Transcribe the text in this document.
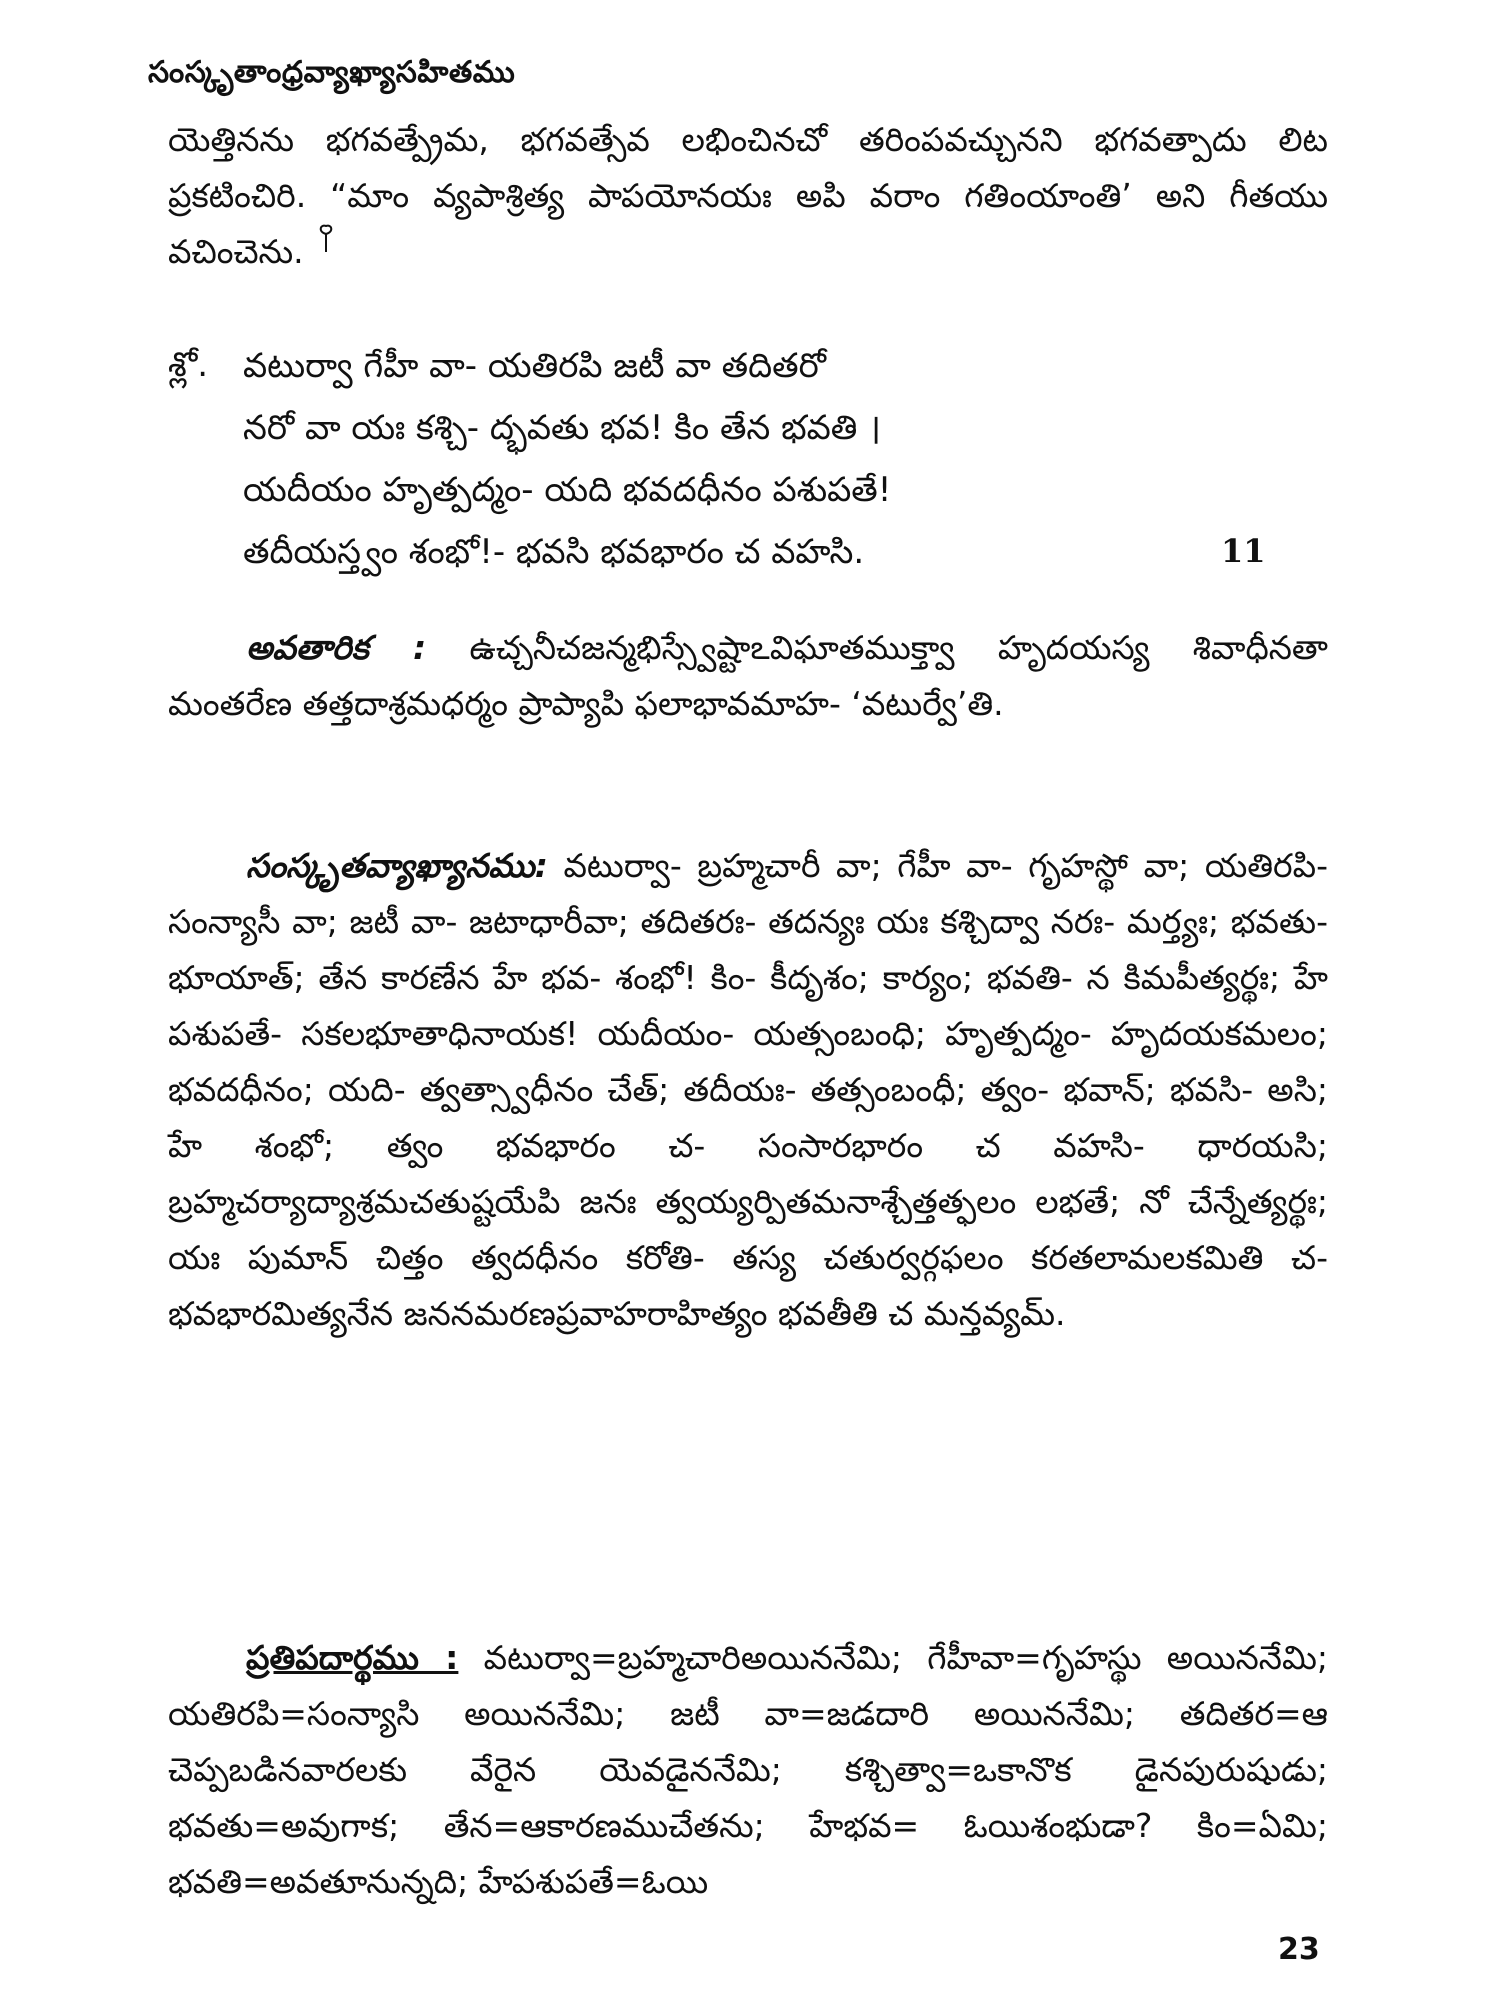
సంస్కృతాంధ్రవ్యాఖ్యాసహితము

యెత్తినను భగవత్ప్రేమ, భగవత్సేవ లభించినచో తరింపవచ్చునని భగవత్పాదు లిట ప్రకటించిరి. “మాం వ్యపాశ్రిత్య పాపయోనయః అపి వరాం గతింయాంతి’ అని గీతయు వచించెను.

శ్లో. వటుర్వా గేహీ వా- యతిరపి జటీ వా తదితరో
నరో వా యః కశ్చి- ద్భవతు భవ! కిం తేన భవతి ।
యదీయం హృత్పద్మం- యది భవదధీనం పశుపతే!
తదీయస్త్వం శంభో!- భవసి భవభారం చ వహసి.	11

అవతారిక : ఉచ్చనీచజన్మభిస్స్వేష్టాఽవిఘాతముక్త్వా హృదయస్య శివాధీనతా మంతరేణ తత్తదాశ్రమధర్మం ప్రాప్యాపి ఫలాభావమాహ- ‘వటుర్వే’తి.

సంస్కృతవ్యాఖ్యానము: వటుర్వా- బ్రహ్మచారీ వా; గేహీ వా- గృహస్థో వా; యతిరపి- సంన్యాసీ వా; జటీ వా- జటాధారీవా; తదితరః- తదన్యః యః కశ్చిద్వా నరః- మర్త్యః; భవతు- భూయాత్; తేన కారణేన హే భవ- శంభో! కిం- కీదృశం; కార్యం; భవతి- న కిమపీత్యర్థః; హే పశుపతే- సకలభూతాధినాయక! యదీయం- యత్సంబంధి; హృత్పద్మం- హృదయకమలం; భవదధీనం; యది- త్వత్స్వాధీనం చేత్; తదీయః- తత్సంబంధీ; త్వం- భవాన్; భవసి- అసి; హే శంభో; త్వం భవభారం చ- సంసారభారం చ వహసి- ధారయసి; బ్రహ్మచర్యాద్యాశ్రమచతుష్టయేపి జనః త్వయ్యర్పితమనాశ్చేత్తత్ఫలం లభతే; నో చేన్నేత్యర్థః; యః పుమాన్ చిత్తం త్వదధీనం కరోతి- తస్య చతుర్వర్గఫలం కరతలామలకమితి చ- భవభారమిత్యనేన జననమరణప్రవాహరాహిత్యం భవతీతి చ మన్తవ్యమ్.

ప్రతిపదార్థము : వటుర్వా=బ్రహ్మచారిఅయిననేమి; గేహీవా=గృహస్థు అయిననేమి; యతిరపి=సంన్యాసి అయిననేమి; జటీ వా=జడదారి అయిననేమి; తదితర=ఆ చెప్పబడినవారలకు వేరైన యెవడైననేమి; కశ్చిత్వా=ఒకానొక డైనపురుషుడు; భవతు=అవుగాక; తేన=ఆకారణముచేతను; హేభవ= ఓయిశంభుడా? కిం=ఏమి; భవతి=అవతూనున్నది; హేపశుపతే=ఓయి

23
